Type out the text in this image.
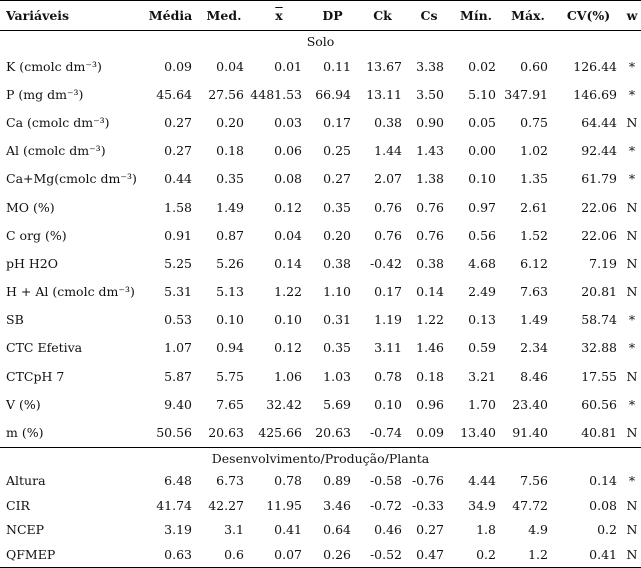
Variáveis	Média	Med.	$\overline{x}$	DP	Ck	Cs	Mín.	Máx.	CV(%)	w
Solo										
K (cmolc dm⁻³)	0.09	0.04	0.01	0.11	13.67	3.38	0.02	0.60	126.44	*
P (mg dm⁻³)	45.64	27.56	4481.53	66.94	13.11	3.50	5.10	347.91	146.69	*
Ca (cmolc dm⁻³)	0.27	0.20	0.03	0.17	0.38	0.90	0.05	0.75	64.44	N
Al (cmolc dm⁻³)	0.27	0.18	0.06	0.25	1.44	1.43	0.00	1.02	92.44	*
Ca+Mg(cmolc dm⁻³)	0.44	0.35	0.08	0.27	2.07	1.38	0.10	1.35	61.79	*
MO (%)	1.58	1.49	0.12	0.35	0.76	0.76	0.97	2.61	22.06	N
C org (%)	0.91	0.87	0.04	0.20	0.76	0.76	0.56	1.52	22.06	N
pH H2O	5.25	5.26	0.14	0.38	-0.42	0.38	4.68	6.12	7.19	N
H + Al (cmolc dm⁻³)	5.31	5.13	1.22	1.10	0.17	0.14	2.49	7.63	20.81	N
SB	0.53	0.10	0.10	0.31	1.19	1.22	0.13	1.49	58.74	*
CTC Efetiva	1.07	0.94	0.12	0.35	3.11	1.46	0.59	2.34	32.88	*
CTCpH 7	5.87	5.75	1.06	1.03	0.78	0.18	3.21	8.46	17.55	N
V (%)	9.40	7.65	32.42	5.69	0.10	0.96	1.70	23.40	60.56	*
m (%)	50.56	20.63	425.66	20.63	-0.74	0.09	13.40	91.40	40.81	N
Desenvolvimento/Produção/Planta										
Altura	6.48	6.73	0.78	0.89	-0.58	-0.76	4.44	7.56	0.14	*
CIR	41.74	42.27	11.95	3.46	-0.72	-0.33	34.9	47.72	0.08	N
NCEP	3.19	3.1	0.41	0.64	0.46	0.27	1.8	4.9	0.2	N
QFMEP	0.63	0.6	0.07	0.26	-0.52	0.47	0.2	1.2	0.41	N
